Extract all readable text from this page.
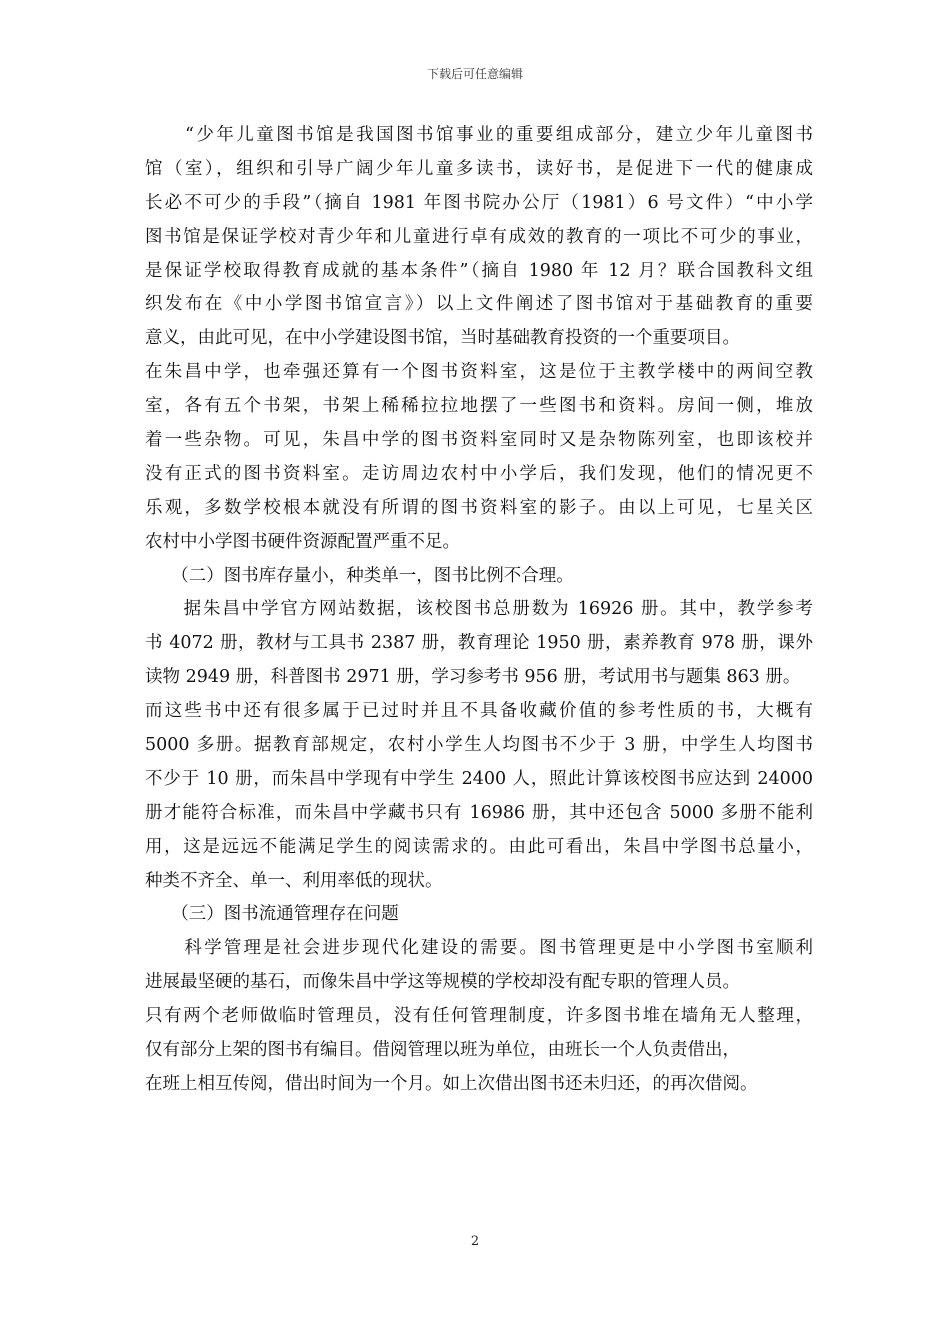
下载后可任意编辑
　　“少年儿童图书馆是我国图书馆事业的重要组成部分，建立少年儿童图书
馆（室），组织和引导广阔少年儿童多读书，读好书，是促进下一代的健康成
长必不可少的手段”（摘自 1981 年图书院办公厅（1981）6 号文件）“中小学
图书馆是保证学校对青少年和儿童进行卓有成效的教育的一项比不可少的事业，
是保证学校取得教育成就的基本条件”（摘自 1980 年 12 月？联合国教科文组
织发布在《中小学图书馆宣言》）以上文件阐述了图书馆对于基础教育的重要
意义，由此可见，在中小学建设图书馆，当时基础教育投资的一个重要项目。
在朱昌中学，也牵强还算有一个图书资料室，这是位于主教学楼中的两间空教
室，各有五个书架，书架上稀稀拉拉地摆了一些图书和资料。房间一侧，堆放
着一些杂物。可见，朱昌中学的图书资料室同时又是杂物陈列室，也即该校并
没有正式的图书资料室。走访周边农村中小学后，我们发现，他们的情况更不
乐观，多数学校根本就没有所谓的图书资料室的影子。由以上可见，七星关区
农村中小学图书硬件资源配置严重不足。
　　（二）图书库存量小，种类单一，图书比例不合理。
　　据朱昌中学官方网站数据，该校图书总册数为 16926 册。其中，教学参考
书 4072 册，教材与工具书 2387 册，教育理论 1950 册，素养教育 978 册，课外
读物 2949 册，科普图书 2971 册，学习参考书 956 册，考试用书与题集 863 册。
而这些书中还有很多属于已过时并且不具备收藏价值的参考性质的书，大概有
5000 多册。据教育部规定，农村小学生人均图书不少于 3 册，中学生人均图书
不少于 10 册，而朱昌中学现有中学生 2400 人，照此计算该校图书应达到 24000
册才能符合标准，而朱昌中学藏书只有 16986 册，其中还包含 5000 多册不能利
用，这是远远不能满足学生的阅读需求的。由此可看出，朱昌中学图书总量小，
种类不齐全、单一、利用率低的现状。
　　（三）图书流通管理存在问题
　　科学管理是社会进步现代化建设的需要。图书管理更是中小学图书室顺利
进展最坚硬的基石，而像朱昌中学这等规模的学校却没有配专职的管理人员。
只有两个老师做临时管理员，没有任何管理制度，许多图书堆在墙角无人整理，
仅有部分上架的图书有编目。借阅管理以班为单位，由班长一个人负责借出，
在班上相互传阅，借出时间为一个月。如上次借出图书还未归还，的再次借阅。
2
